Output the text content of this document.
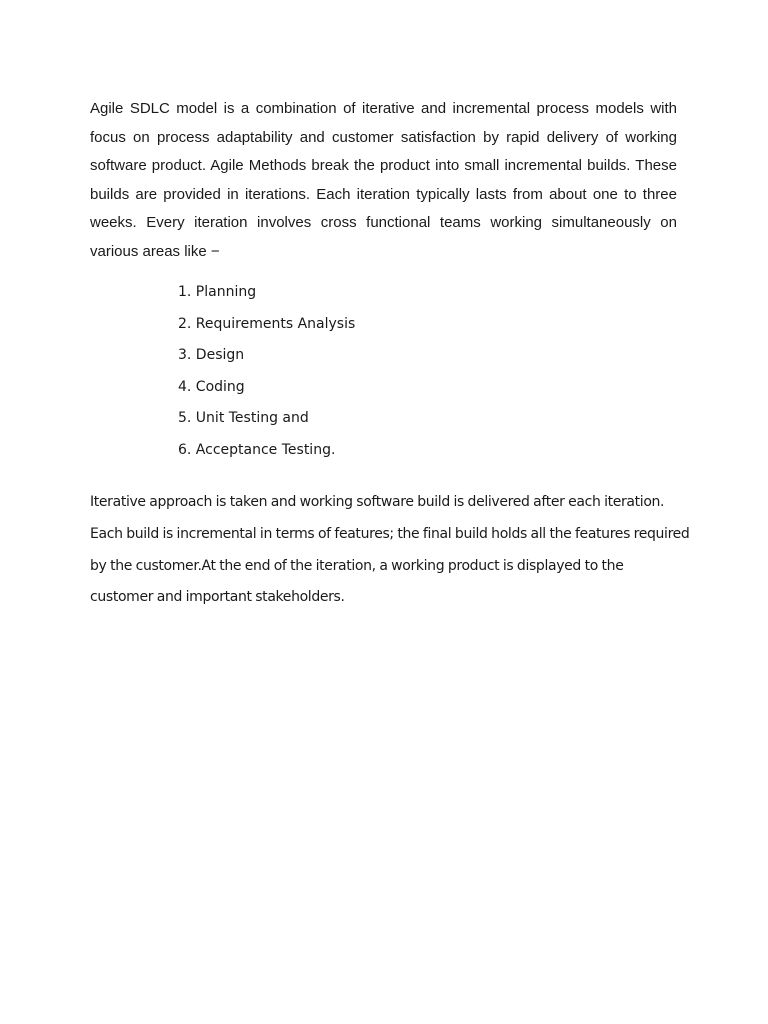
Agile SDLC model is a combination of iterative and incremental process models with focus on process adaptability and customer satisfaction by rapid delivery of working software product. Agile Methods break the product into small incremental builds. These builds are provided in iterations. Each iteration typically lasts from about one to three weeks. Every iteration involves cross functional teams working simultaneously on various areas like −

1. Planning
2. Requirements Analysis
3. Design
4. Coding
5. Unit Testing and
6. Acceptance Testing.

Iterative approach is taken and working software build is delivered after each iteration. Each build is incremental in terms of features; the final build holds all the features required by the customer.At the end of the iteration, a working product is displayed to the customer and important stakeholders.
